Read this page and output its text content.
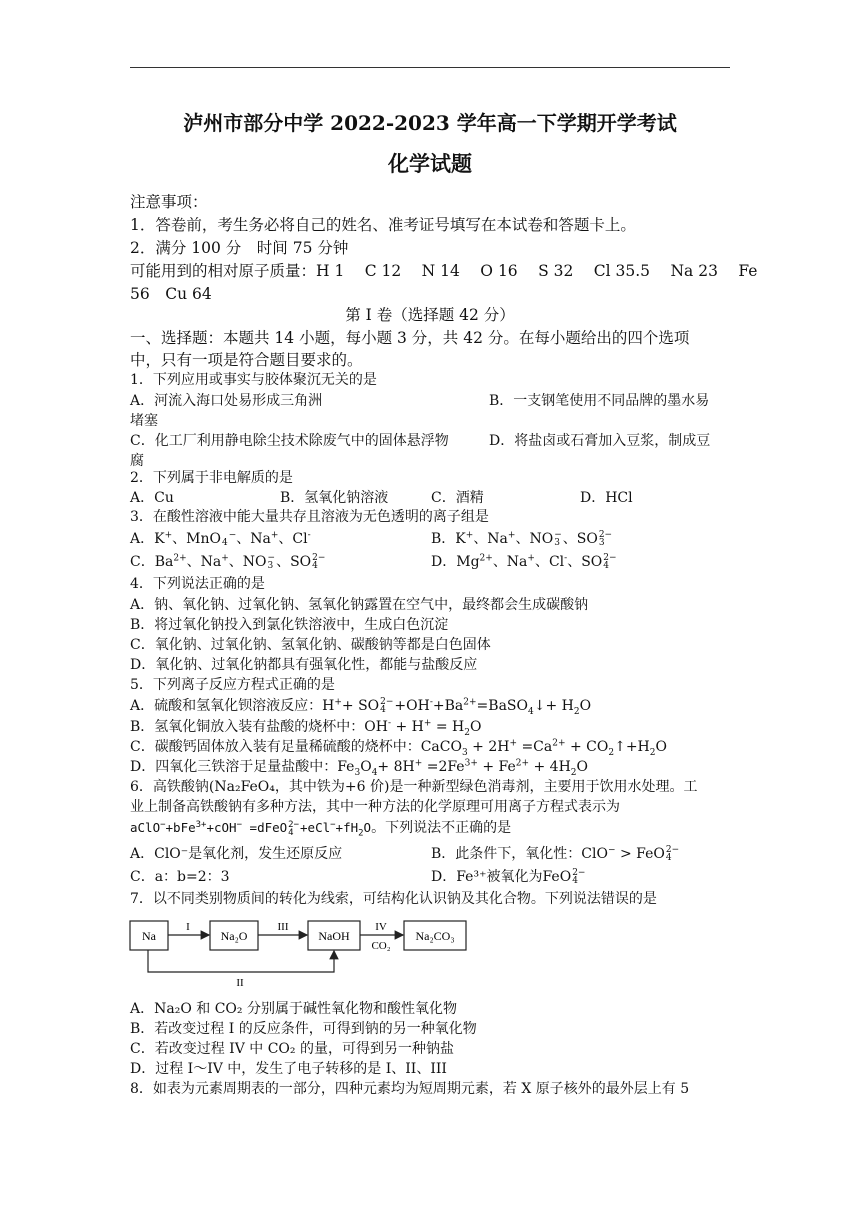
泸州市部分中学 2022-2023 学年高一下学期开学考试
化学试题
注意事项：
1．答卷前，考生务必将自己的姓名、准考证号填写在本试卷和答题卡上。
2．满分 100 分　时间 75 分钟
可能用到的相对原子质量：H 1　 C 12　 N 14　 O 16　 S 32　 Cl 35.5　 Na 23　 Fe
56　Cu 64
第 I 卷（选择题 42 分）
一、选择题：本题共 14 小题，每小题 3 分，共 42 分。在每小题给出的四个选项
中，只有一项是符合题目要求的。
1．下列应用或事实与胶体聚沉无关的是
A．河流入海口处易形成三角洲	B．一支钢笔使用不同品牌的墨水易
堵塞
C．化工厂利用静电除尘技术除废气中的固体悬浮物	D．将盐卤或石膏加入豆浆，制成豆
腐
2．下列属于非电解质的是
A．Cu	B．氢氧化钠溶液	C．酒精	D．HCl
3．在酸性溶液中能大量共存且溶液为无色透明的离子组是
A．K+、MnO
4
−、Na+、Cl-	B．K+、Na+、NO −
3 、SO 2−
3
C．$Ba^{2+}$、Na+、NO −
3 、SO 2−
4	D．$Mg^{2+}$、Na+、Cl-、SO 2−
4
4．下列说法正确的是
A．钠、氧化钠、过氧化钠、氢氧化钠露置在空气中，最终都会生成碳酸钠
B．将过氧化钠投入到氯化铁溶液中，生成白色沉淀
C．氧化钠、过氧化钠、氢氧化钠、碳酸钠等都是白色固体
D．氧化钠、过氧化钠都具有强氧化性，都能与盐酸反应
5．下列离子反应方程式正确的是
A．硫酸和氢氧化钡溶液反应：H++ SO 2−
$4 +OH^-+Ba^{2+}=BaSO_4↓+ H_2O$
B．氢氧化铜放入装有盐酸的烧杯中：$OH^- + H^+ = H_2O$
C．碳酸钙固体放入装有足量稀硫酸的烧杯中：CaCO$_3$ + $2H^+ =Ca^{2+}$ + $CO_2↑+H_2O$
D．四氧化三铁溶于足量盐酸中：$Fe_3O_4+ 8H^+ =2Fe^{3+} + Fe^{2+} + 4H_2O$
6．高铁酸钠(Na₂FeO₄，其中铁为+6 价)是一种新型绿色消毒剂，主要用于饮用水处理。工
业上制备高铁酸钠有多种方法，其中一种方法的化学原理可用离子方程式表示为
aClO−+bFe$^{3+}$+cOH− =dFeO 2−
$4 +eCl^-+fH_2O$。下列说法不正确的是
A．ClO⁻是氧化剂，发生还原反应	B．此条件下，氧化性：ClO− > FeO 2−
4
C．a：b=2：3	D．Fe³⁺被氧化为FeO 2−
4
7．以不同类别物质间的转化为线索，可结构化认识钠及其化合物。下列说法错误的是
Na	Na₂O	NaOH	Na₂CO₃
I	III	IV
CO₂
II
A．Na₂O 和 CO₂ 分别属于碱性氧化物和酸性氧化物
B．若改变过程 I 的反应条件，可得到钠的另一种氧化物
C．若改变过程 IV 中 CO₂ 的量，可得到另一种钠盐
D．过程 I～IV 中，发生了电子转移的是 I、II、III
8．如表为元素周期表的一部分，四种元素均为短周期元素，若 X 原子核外的最外层上有 5
